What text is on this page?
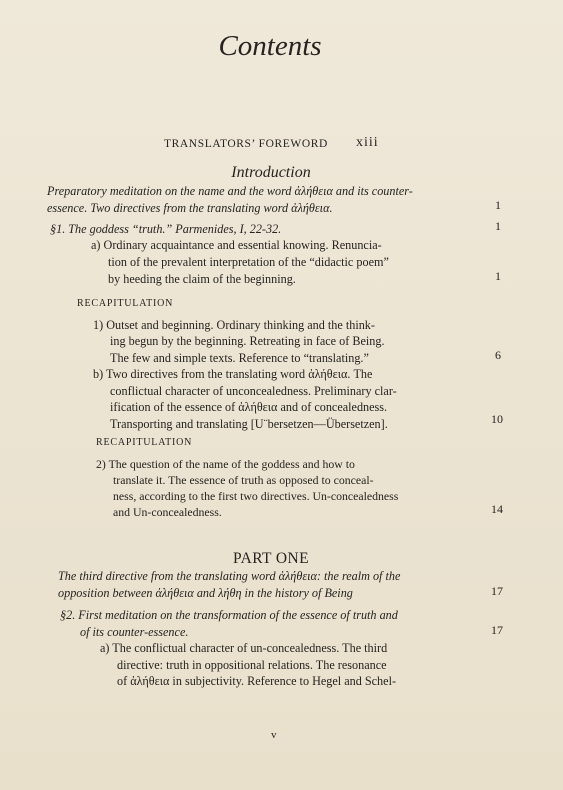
Contents
TRANSLATORS’ FOREWORD xiii
Introduction
Preparatory meditation on the name and the word ἀλήθεια and its counter-
essence. Two directives from the translating word ἀλήθεια.	1
§1. The goddess “truth.” Parmenides, I, 22-32.	1
a) Ordinary acquaintance and essential knowing. Renuncia-
tion of the prevalent interpretation of the “didactic poem”
by heeding the claim of the beginning.	1
RECAPITULATION
1) Outset and beginning. Ordinary thinking and the think-
ing begun by the beginning. Retreating in face of Being.
The few and simple texts. Reference to “translating.”	6
b) Two directives from the translating word ἀλήθεια. The
conflictual character of unconcealedness. Preliminary clar-
ification of the essence of ἀλήθεια and of concealedness.
Transporting and translating [U¨bersetzen—Übersetzen].	10
RECAPITULATION
2) The question of the name of the goddess and how to
translate it. The essence of truth as opposed to conceal-
ness, according to the first two directives. Un-concealedness
and Un-concealedness.	14
PART ONE
The third directive from the translating word ἀλήθεια: the realm of the
opposition between ἀλήθεια and λήθη in the history of Being	17
§2. First meditation on the transformation of the essence of truth and
of its counter-essence.	17
a) The conflictual character of un-concealedness. The third
directive: truth in oppositional relations. The resonance
of ἀλήθεια in subjectivity. Reference to Hegel and Schel-
v
